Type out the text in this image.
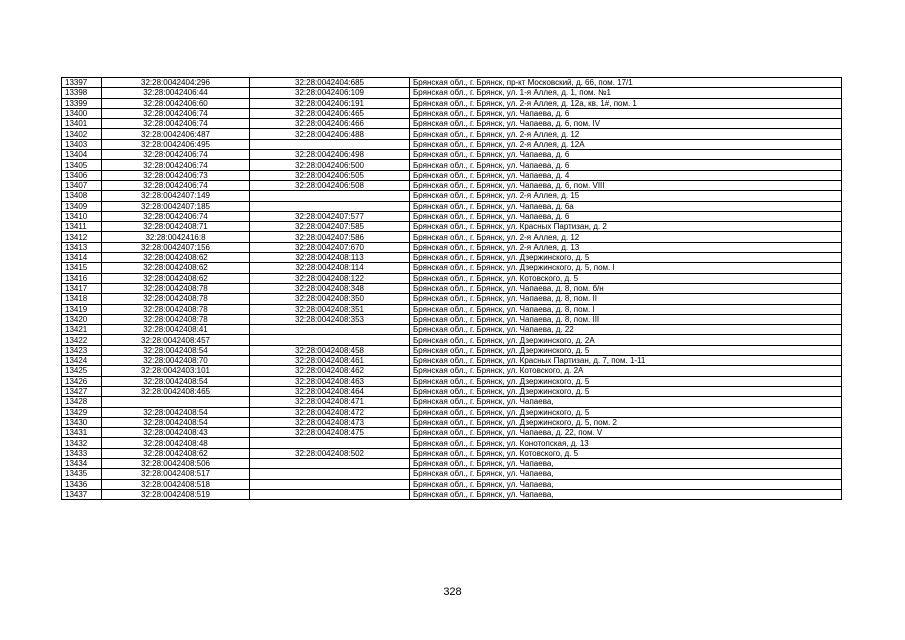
13397	32:28:0042404:296	32:28:0042404:685	Брянская обл., г. Брянск, пр-кт Московский, д. 66, пом. 17/1
13398	32:28:0042406:44	32:28:0042406:109	Брянская обл., г. Брянск, ул. 1-я Аллея, д. 1, пом. №1
13399	32:28:0042406:60	32:28:0042406:191	Брянская обл., г. Брянск, ул. 2-я Аллея, д. 12а, кв. 1#, пом. 1
13400	32:28:0042406:74	32:28:0042406:465	Брянская обл., г. Брянск, ул. Чапаева, д. 6
13401	32:28:0042406:74	32:28:0042406:466	Брянская обл., г. Брянск, ул. Чапаева, д. 6, пом. IV
13402	32:28:0042406:487	32:28:0042406:488	Брянская обл., г. Брянск, ул. 2-я Аллея, д. 12
13403	32:28:0042406:495		Брянская обл., г. Брянск, ул. 2-я Аллея, д. 12А
13404	32:28:0042406:74	32:28:0042406:498	Брянская обл., г. Брянск, ул. Чапаева, д. 6
13405	32:28:0042406:74	32:28:0042406:500	Брянская обл., г. Брянск, ул. Чапаева, д. 6
13406	32:28:0042406:73	32:28:0042406:505	Брянская обл., г. Брянск, ул. Чапаева, д. 4
13407	32:28:0042406:74	32:28:0042406:508	Брянская обл., г. Брянск, ул. Чапаева, д. 6, пом. VIII
13408	32:28:0042407:149		Брянская обл., г. Брянск, ул. 2-я Аллея, д. 15
13409	32:28:0042407:185		Брянская обл., г. Брянск, ул. Чапаева, д. 6а
13410	32:28:0042406:74	32:28:0042407:577	Брянская обл., г. Брянск, ул. Чапаева, д. 6
13411	32:28:0042408:71	32:28:0042407:585	Брянская обл., г. Брянск, ул. Красных Партизан, д. 2
13412	32:28:0042416:8	32:28:0042407:586	Брянская обл., г. Брянск, ул. 2-я Аллея, д. 12
13413	32:28:0042407:156	32:28:0042407:670	Брянская обл., г. Брянск, ул. 2-я Аллея, д. 13
13414	32:28:0042408:62	32:28:0042408:113	Брянская обл., г. Брянск, ул. Дзержинского, д. 5
13415	32:28:0042408:62	32:28:0042408:114	Брянская обл., г. Брянск, ул. Дзержинского, д. 5, пом. I
13416	32:28:0042408:62	32:28:0042408:122	Брянская обл., г. Брянск, ул. Котовского, д. 5
13417	32:28:0042408:78	32:28:0042408:348	Брянская обл., г. Брянск, ул. Чапаева, д. 8, пом. б/н
13418	32:28:0042408:78	32:28:0042408:350	Брянская обл., г. Брянск, ул. Чапаева, д. 8, пом. II
13419	32:28:0042408:78	32:28:0042408:351	Брянская обл., г. Брянск, ул. Чапаева, д. 8, пом. I
13420	32:28:0042408:78	32:28:0042408:353	Брянская обл., г. Брянск, ул. Чапаева, д. 8, пом. III
13421	32:28:0042408:41		Брянская обл., г. Брянск, ул. Чапаева, д. 22
13422	32:28:0042408:457		Брянская обл., г. Брянск, ул. Дзержинского, д. 2А
13423	32:28:0042408:54	32:28:0042408:458	Брянская обл., г. Брянск, ул. Дзержинского, д. 5
13424	32:28:0042408:70	32:28:0042408:461	Брянская обл., г. Брянск, ул. Красных Партизан, д. 7, пом. 1-11
13425	32:28:0042403:101	32:28:0042408:462	Брянская обл., г. Брянск, ул. Котовского, д. 2А
13426	32:28:0042408:54	32:28:0042408:463	Брянская обл., г. Брянск, ул. Дзержинского, д. 5
13427	32:28:0042408:465	32:28:0042408:464	Брянская обл., г. Брянск, ул. Дзержинского, д. 5
13428		32:28:0042408:471	Брянская обл., г. Брянск, ул. Чапаева,
13429	32:28:0042408:54	32:28:0042408:472	Брянская обл., г. Брянск, ул. Дзержинского, д. 5
13430	32:28:0042408:54	32:28:0042408:473	Брянская обл., г. Брянск, ул. Дзержинского, д. 5, пом. 2
13431	32:28:0042408:43	32:28:0042408:475	Брянская обл., г. Брянск, ул. Чапаева, д. 22, пом. V
13432	32:28:0042408:48		Брянская обл., г. Брянск, ул. Конотопская, д. 13
13433	32:28:0042408:62	32:28:0042408:502	Брянская обл., г. Брянск, ул. Котовского, д. 5
13434	32:28:0042408:506		Брянская обл., г. Брянск, ул. Чапаева,
13435	32:28:0042408:517		Брянская обл., г. Брянск, ул. Чапаева,
13436	32:28:0042408:518		Брянская обл., г. Брянск, ул. Чапаева,
13437	32:28:0042408:519		Брянская обл., г. Брянск, ул. Чапаева,
328
